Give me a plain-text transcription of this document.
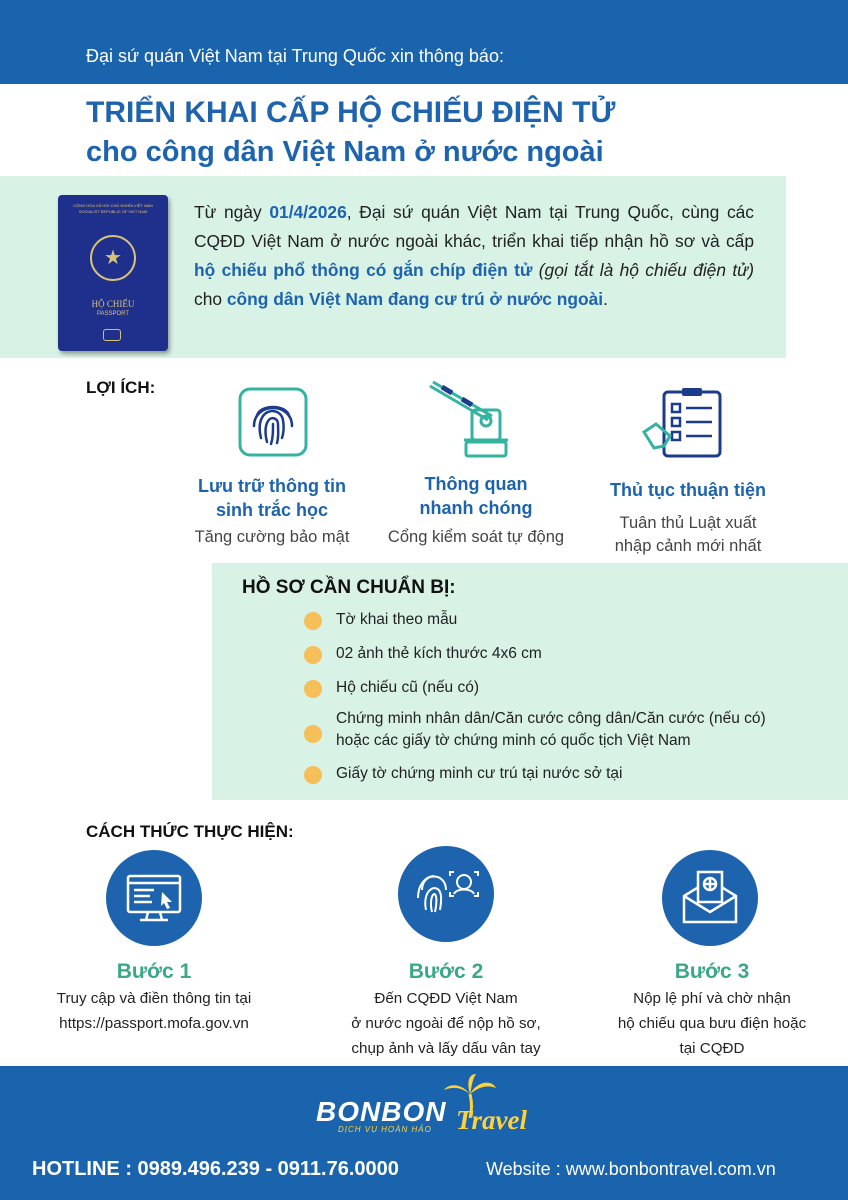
Đại sứ quán Việt Nam tại Trung Quốc xin thông báo:
TRIỂN KHAI CẤP HỘ CHIẾU ĐIỆN TỬ
cho công dân Việt Nam ở nước ngoài
CỘNG HÒA XÃ HỘI CHỦ NGHĨA VIỆT NAM SOCIALIST REPUBLIC OF VIET NAM
★
HỘ CHIẾU
PASSPORT
Từ ngày 01/4/2026, Đại sứ quán Việt Nam tại Trung Quốc, cùng các CQĐD Việt Nam ở nước ngoài khác, triển khai tiếp nhận hồ sơ và cấp hộ chiếu phổ thông có gắn chíp điện tử (gọi tắt là hộ chiếu điện tử) cho công dân Việt Nam đang cư trú ở nước ngoài.
LỢI ÍCH:
Lưu trữ thông tin
sinh trắc học
Tăng cường bảo mật
Thông quan
nhanh chóng
Cổng kiểm soát tự động
Thủ tục thuận tiện
Tuân thủ Luật xuất
nhập cảnh mới nhất
HỒ SƠ CẦN CHUẨN BỊ:
Tờ khai theo mẫu
02 ảnh thẻ kích thước 4x6 cm
Hộ chiếu cũ (nếu có)
Chứng minh nhân dân/Căn cước công dân/Căn cước (nếu có)
hoặc các giấy tờ chứng minh có quốc tịch Việt Nam
Giấy tờ chứng minh cư trú tại nước sở tại
CÁCH THỨC THỰC HIỆN:
Bước 1
Truy cập và điền thông tin tại
https://passport.mofa.gov.vn
Bước 2
Đến CQĐD Việt Nam
ở nước ngoài để nộp hồ sơ,
chụp ảnh và lấy dấu vân tay
Bước 3
Nộp lệ phí và chờ nhận
hộ chiếu qua bưu điện hoặc
tại CQĐD
BONBON Travel
DỊCH VỤ HOÀN HẢO
HOTLINE : 0989.496.239 - 0911.76.0000	Website : www.bonbontravel.com.vn
